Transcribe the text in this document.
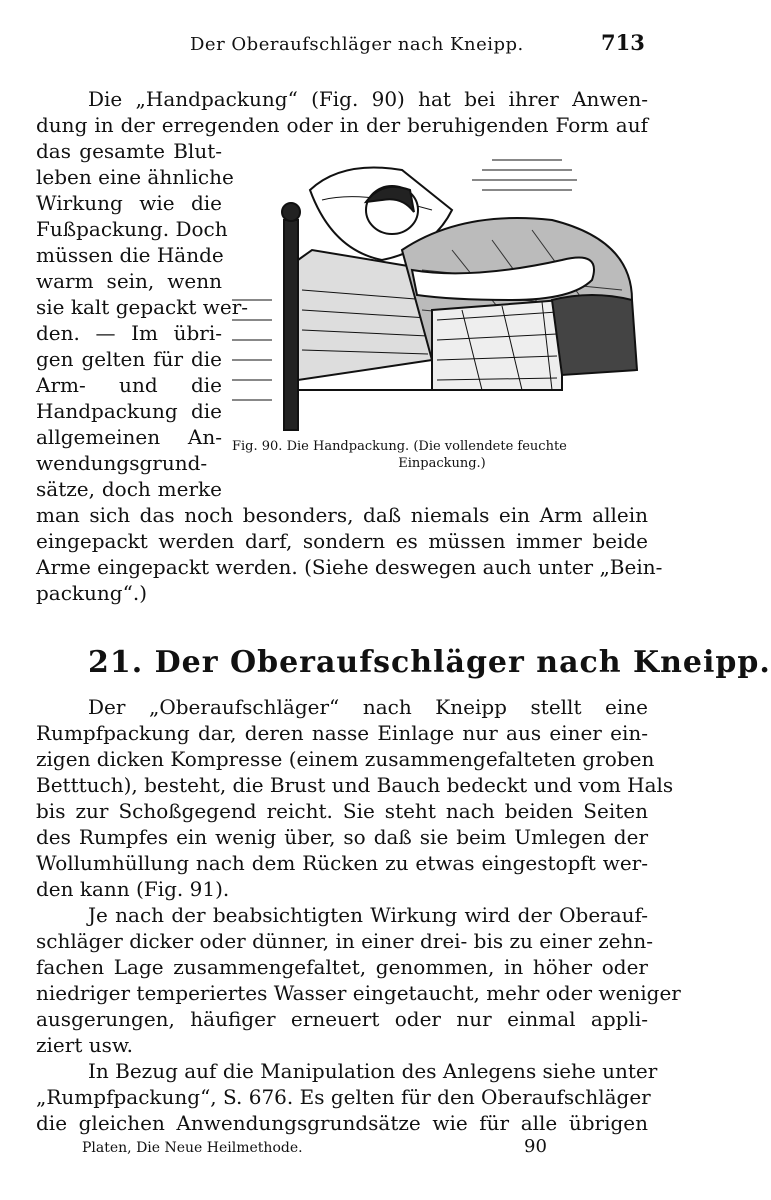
Der Oberaufschläger nach Kneipp.	713
Die „Handpackung“ (Fig. 90) hat bei ihrer Anwen-
dung in der erregenden oder in der beruhigenden Form auf
das gesamte Blut-
leben eine ähnliche
Wirkung wie die
Fußpackung. Doch
müssen die Hände
warm sein, wenn
sie kalt gepackt wer-
den. — Im übri-
gen gelten für die
Arm- und die
Handpackung die
allgemeinen An-
wendungsgrund-
sätze, doch merke
man sich das noch besonders, daß niemals ein Arm allein
eingepackt werden darf, sondern es müssen immer beide
Arme eingepackt werden. (Siehe deswegen auch unter „Bein-
packung“.)
Fig. 90. Die Handpackung. (Die vollendete feuchte
Einpackung.)
21. Der Oberaufschläger nach Kneipp.
Der „Oberaufschläger“ nach Kneipp stellt eine
Rumpfpackung dar, deren nasse Einlage nur aus einer ein-
zigen dicken Kompresse (einem zusammengefalteten groben
Betttuch), besteht, die Brust und Bauch bedeckt und vom Hals
bis zur Schoßgegend reicht. Sie steht nach beiden Seiten
des Rumpfes ein wenig über, so daß sie beim Umlegen der
Wollumhüllung nach dem Rücken zu etwas eingestopft wer-
den kann (Fig. 91).
Je nach der beabsichtigten Wirkung wird der Oberauf-
schläger dicker oder dünner, in einer drei- bis zu einer zehn-
fachen Lage zusammengefaltet, genommen, in höher oder
niedriger temperiertes Wasser eingetaucht, mehr oder weniger
ausgerungen, häufiger erneuert oder nur einmal appli-
ziert usw.
In Bezug auf die Manipulation des Anlegens siehe unter
„Rumpfpackung“, S. 676. Es gelten für den Oberaufschläger
die gleichen Anwendungsgrundsätze wie für alle übrigen
Platen, Die Neue Heilmethode.	90
